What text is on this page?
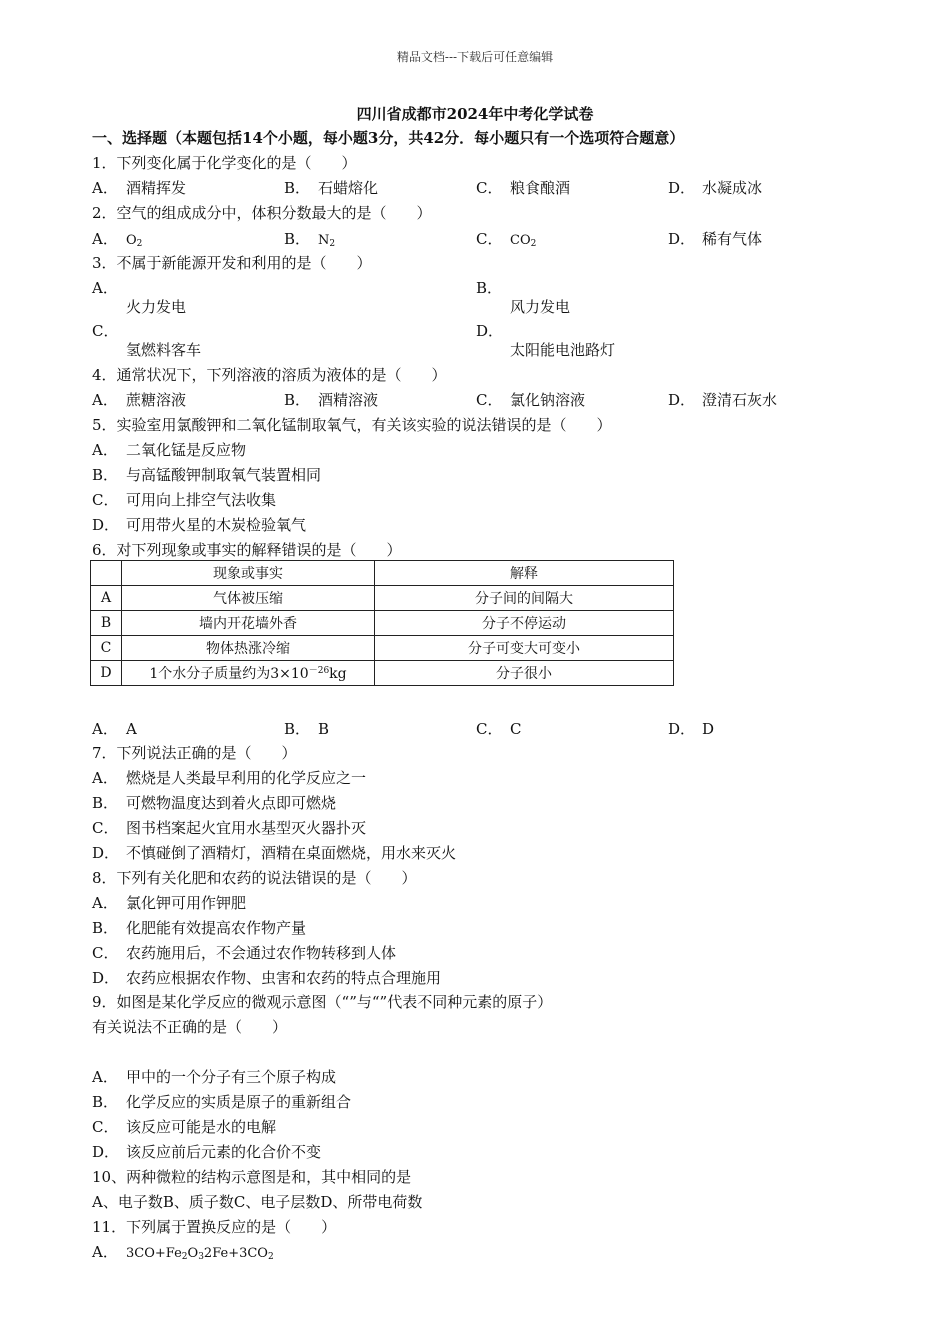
精品文档---下载后可任意编辑
四川省成都市2024年中考化学试卷
一、选择题（本题包括14个小题，每小题3分，共42分．每小题只有一个选项符合题意）
1．下列变化属于化学变化的是（　　）
A． 酒精挥发	B． 石蜡熔化	C． 粮食酿酒	D． 水凝成冰
2．空气的组成成分中，体积分数最大的是（　　）
A． $O_2$	B． $N_2$	C． $CO_2$	D． 稀有气体
3．不属于新能源开发和利用的是（　　）
A．
火力发电
B．
风力发电
C．
氢燃料客车
D．
太阳能电池路灯
4．通常状况下，下列溶液的溶质为液体的是（　　）
A． 蔗糖溶液	B． 酒精溶液	C． 氯化钠溶液	D． 澄清石灰水
5．实验室用氯酸钾和二氧化锰制取氧气，有关该实验的说法错误的是（　　）
A． 二氧化锰是反应物
B． 与高锰酸钾制取氧气装置相同
C． 可用向上排空气法收集
D． 可用带火星的木炭检验氧气
6．对下列现象或事实的解释错误的是（　　）
	现象或事实	解释
A	气体被压缩	分子间的间隔大
B	墙内开花墙外香	分子不停运动
C	物体热涨冷缩	分子可变大可变小
D	1个水分子质量约为$3\times 10^{-26}kg$	分子很小
A． A	B． B	C． C	D． D
7．下列说法正确的是（　　）
A． 燃烧是人类最早利用的化学反应之一
B． 可燃物温度达到着火点即可燃烧
C． 图书档案起火宜用水基型灭火器扑灭
D． 不慎碰倒了酒精灯，酒精在桌面燃烧，用水来灭火
8．下列有关化肥和农药的说法错误的是（　　）
A． 氯化钾可用作钾肥
B． 化肥能有效提高农作物产量
C． 农药施用后，不会通过农作物转移到人体
D． 农药应根据农作物、虫害和农药的特点合理施用
9．如图是某化学反应的微观示意图（“”与“”代表不同种元素的原子）
有关说法不正确的是（　　）
A． 甲中的一个分子有三个原子构成
B． 化学反应的实质是原子的重新组合
C． 该反应可能是水的电解
D． 该反应前后元素的化合价不变
10、两种微粒的结构示意图是和，其中相同的是
A、电子数B、质子数C、电子层数D、所带电荷数
11．下列属于置换反应的是（　　）
A． $3CO+Fe_2O_32Fe+3CO_2$
